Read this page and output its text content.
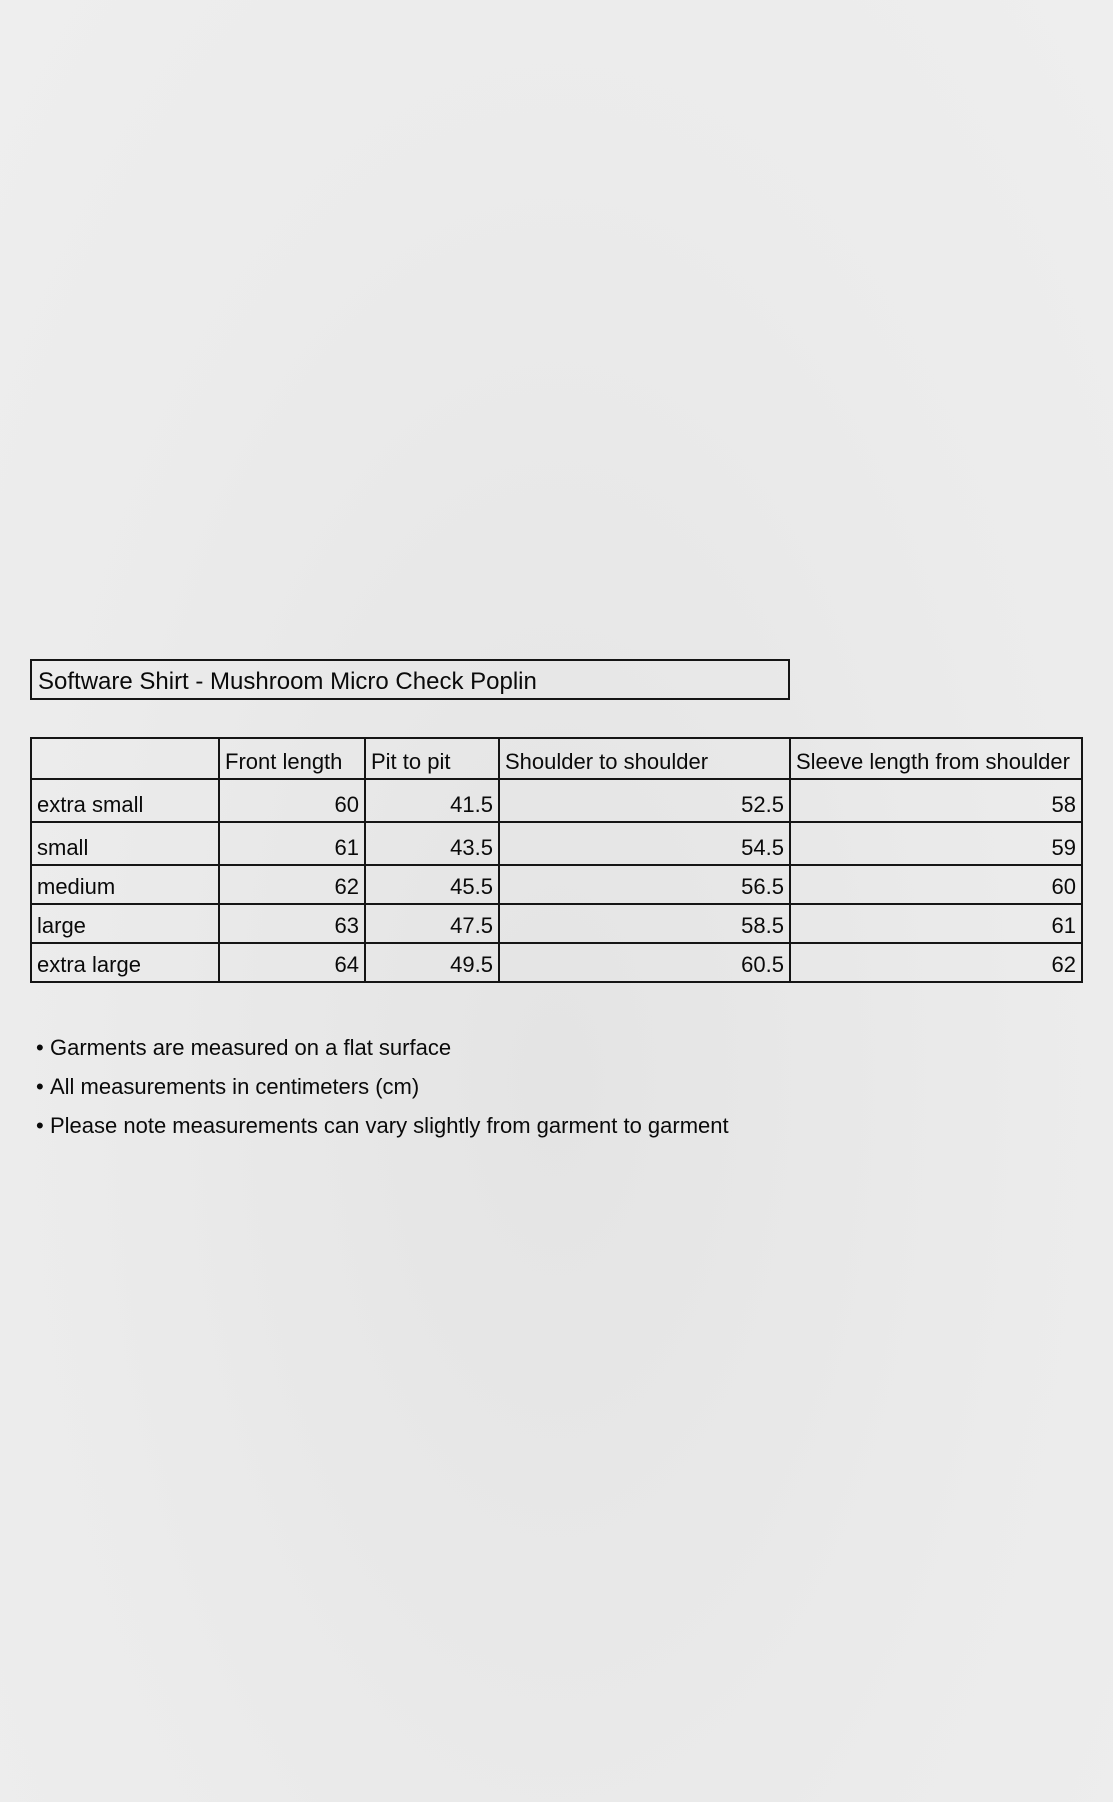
Software Shirt - Mushroom Micro Check Poplin
	Front length	Pit to pit	Shoulder to shoulder	Sleeve length from shoulder
extra small	60	41.5	52.5	58
small	61	43.5	54.5	59
medium	62	45.5	56.5	60
large	63	47.5	58.5	61
extra large	64	49.5	60.5	62
• Garments are measured on a flat surface
• All measurements in centimeters (cm)
• Please note measurements can vary slightly from garment to garment
